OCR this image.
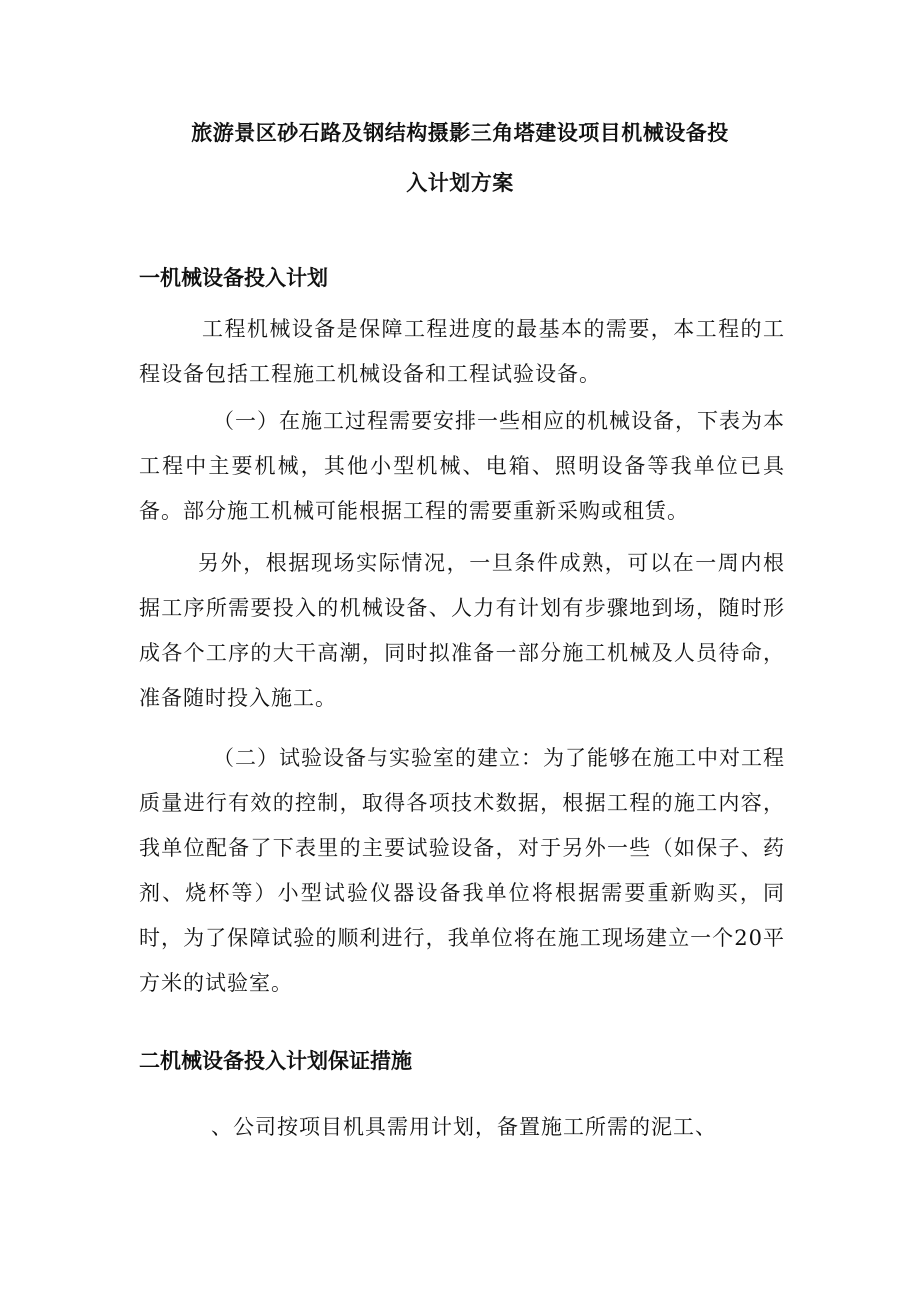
旅游景区砂石路及钢结构摄影三角塔建设项目机械设备投
入计划方案
一机械设备投入计划

工程机械设备是保障工程进度的最基本的需要，本工程的工程设备包括工程施工机械设备和工程试验设备。

（一）在施工过程需要安排一些相应的机械设备，下表为本工程中主要机械，其他小型机械、电箱、照明设备等我单位已具备。部分施工机械可能根据工程的需要重新采购或租赁。

另外，根据现场实际情况，一旦条件成熟，可以在一周内根据工序所需要投入的机械设备、人力有计划有步骤地到场，随时形成各个工序的大干高潮，同时拟准备一部分施工机械及人员待命，准备随时投入施工。

（二）试验设备与实验室的建立：为了能够在施工中对工程质量进行有效的控制，取得各项技术数据，根据工程的施工内容，我单位配备了下表里的主要试验设备，对于另外一些（如保子、药剂、烧杯等）小型试验仪器设备我单位将根据需要重新购买，同时，为了保障试验的顺利进行，我单位将在施工现场建立一个20平方米的试验室。

二机械设备投入计划保证措施

、公司按项目机具需用计划，备置施工所需的泥工、
